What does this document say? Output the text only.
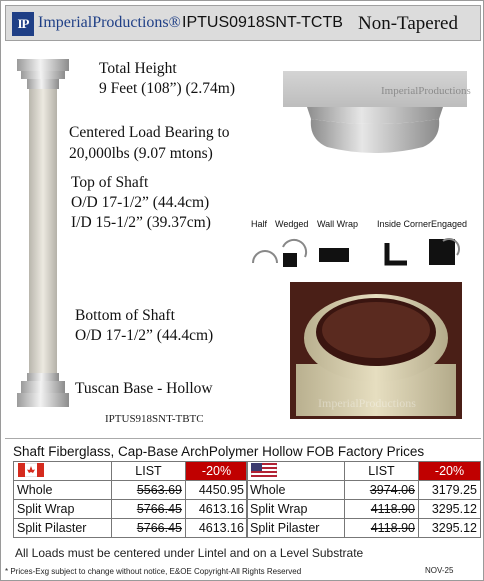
IP ImperialProductions® IPTUS0918SNT-TCTB Non-Tapered
Total Height
9 Feet (108”) (2.74m)
Centered Load Bearing to
20,000lbs (9.07 mtons)
Top of Shaft
O/D 17-1/2” (44.4cm)
I/D 15-1/2” (39.37cm)
Bottom of Shaft
O/D 17-1/2” (44.4cm)
Tuscan Base - Hollow
IPTUS918SNT-TBTC
ImperialProductions
Half Wedged Wall Wrap Inside Corner Engaged
ImperialProductions
Shaft Fiberglass, Cap-Base ArchPolymer Hollow FOB Factory Prices
	LIST	-20%
Whole	5563.69	4450.95
Split Wrap	5766.45	4613.16
Split Pilaster	5766.45	4613.16
	LIST	-20%
Whole	3974.06	3179.25
Split Wrap	4118.90	3295.12
Split Pilaster	4118.90	3295.12
All Loads must be centered under Lintel and on a Level Substrate
* Prices-Exg subject to change without notice, E&OE Copyright-All Rights Reserved	NOV-25
